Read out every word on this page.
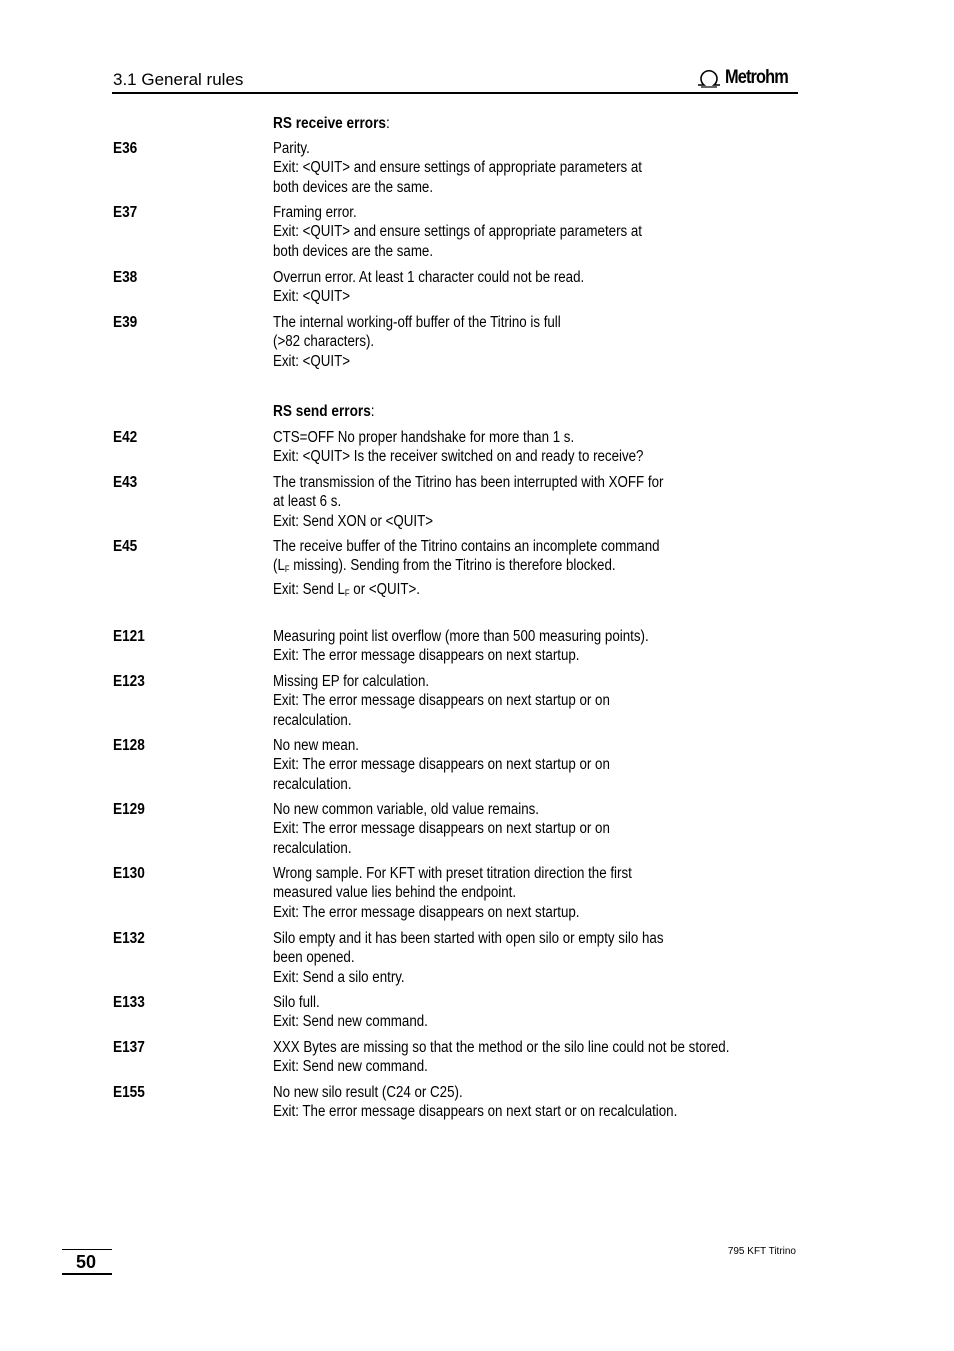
3.1 General rules	Metrohm
RS receive errors:
E36	Parity.
Exit: <QUIT> and ensure settings of appropriate parameters at
both devices are the same.
E37	Framing error.
Exit: <QUIT> and ensure settings of appropriate parameters at
both devices are the same.
E38	Overrun error. At least 1 character could not be read.
Exit: <QUIT>
E39	The internal working-off buffer of the Titrino is full
(>82 characters).
Exit: <QUIT>
RS send errors:
E42	CTS=OFF No proper handshake for more than 1 s.
Exit: <QUIT> Is the receiver switched on and ready to receive?
E43	The transmission of the Titrino has been interrupted with XOFF for
at least 6 s.
Exit: Send XON or <QUIT>
E45	The receive buffer of the Titrino contains an incomplete command
($L_F$ missing). Sending from the Titrino is therefore blocked.
Exit: Send $L_F$ or <QUIT>.
E121	Measuring point list overflow (more than 500 measuring points).
Exit: The error message disappears on next startup.
E123	Missing EP for calculation.
Exit: The error message disappears on next startup or on
recalculation.
E128	No new mean.
Exit: The error message disappears on next startup or on
recalculation.
E129	No new common variable, old value remains.
Exit: The error message disappears on next startup or on
recalculation.
E130	Wrong sample. For KFT with preset titration direction the first
measured value lies behind the endpoint.
Exit: The error message disappears on next startup.
E132	Silo empty and it has been started with open silo or empty silo has
been opened.
Exit: Send a silo entry.
E133	Silo full.
Exit: Send new command.
E137	XXX Bytes are missing so that the method or the silo line could not be stored.
Exit: Send new command.
E155	No new silo result (C24 or C25).
Exit: The error message disappears on next start or on recalculation.
50
795 KFT Titrino
